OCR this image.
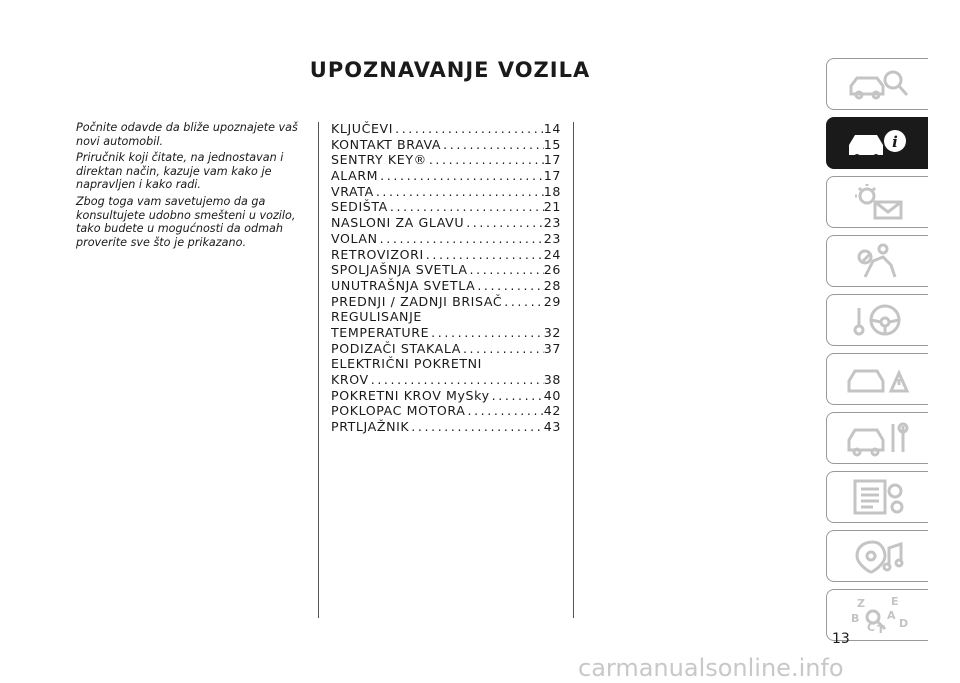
UPOZNAVANJE VOZILA

Počnite odavde da bliže upoznajete vaš novi automobil.

Priručnik koji čitate, na jednostavan i direktan način, kazuje vam kako je napravljen i kako radi.

Zbog toga vam savetujemo da ga konsultujete udobno smešteni u vozilo, tako budete u mogućnosti da odmah proverite sve što je prikazano.

KLJUČEVI .....	14
KONTAKT BRAVA .....	15
SENTRY KEY® .....	17
ALARM .....	17
VRATA .....	18
SEDIŠTA .....	21
NASLONI ZA GLAVU .....	23
VOLAN .....	23
RETROVIZORI .....	24
SPOLJAŠNJA SVETLA .....	26
UNUTRAŠNJA SVETLA .....	28
PREDNJI / ZADNJI BRISAČ .....	29
REGULISANJE
TEMPERATURE .....	32
PODIZAČI STAKALA .....	37
ELEKTRIČNI POKRETNI
KROV .....	38
POKRETNI KROV MySky .....	40
POKLOPAC MOTORA .....	42
PRTLJAŽNIK .....	43
i
Z E
B	A
C T D
13
carmanualsonline.info
